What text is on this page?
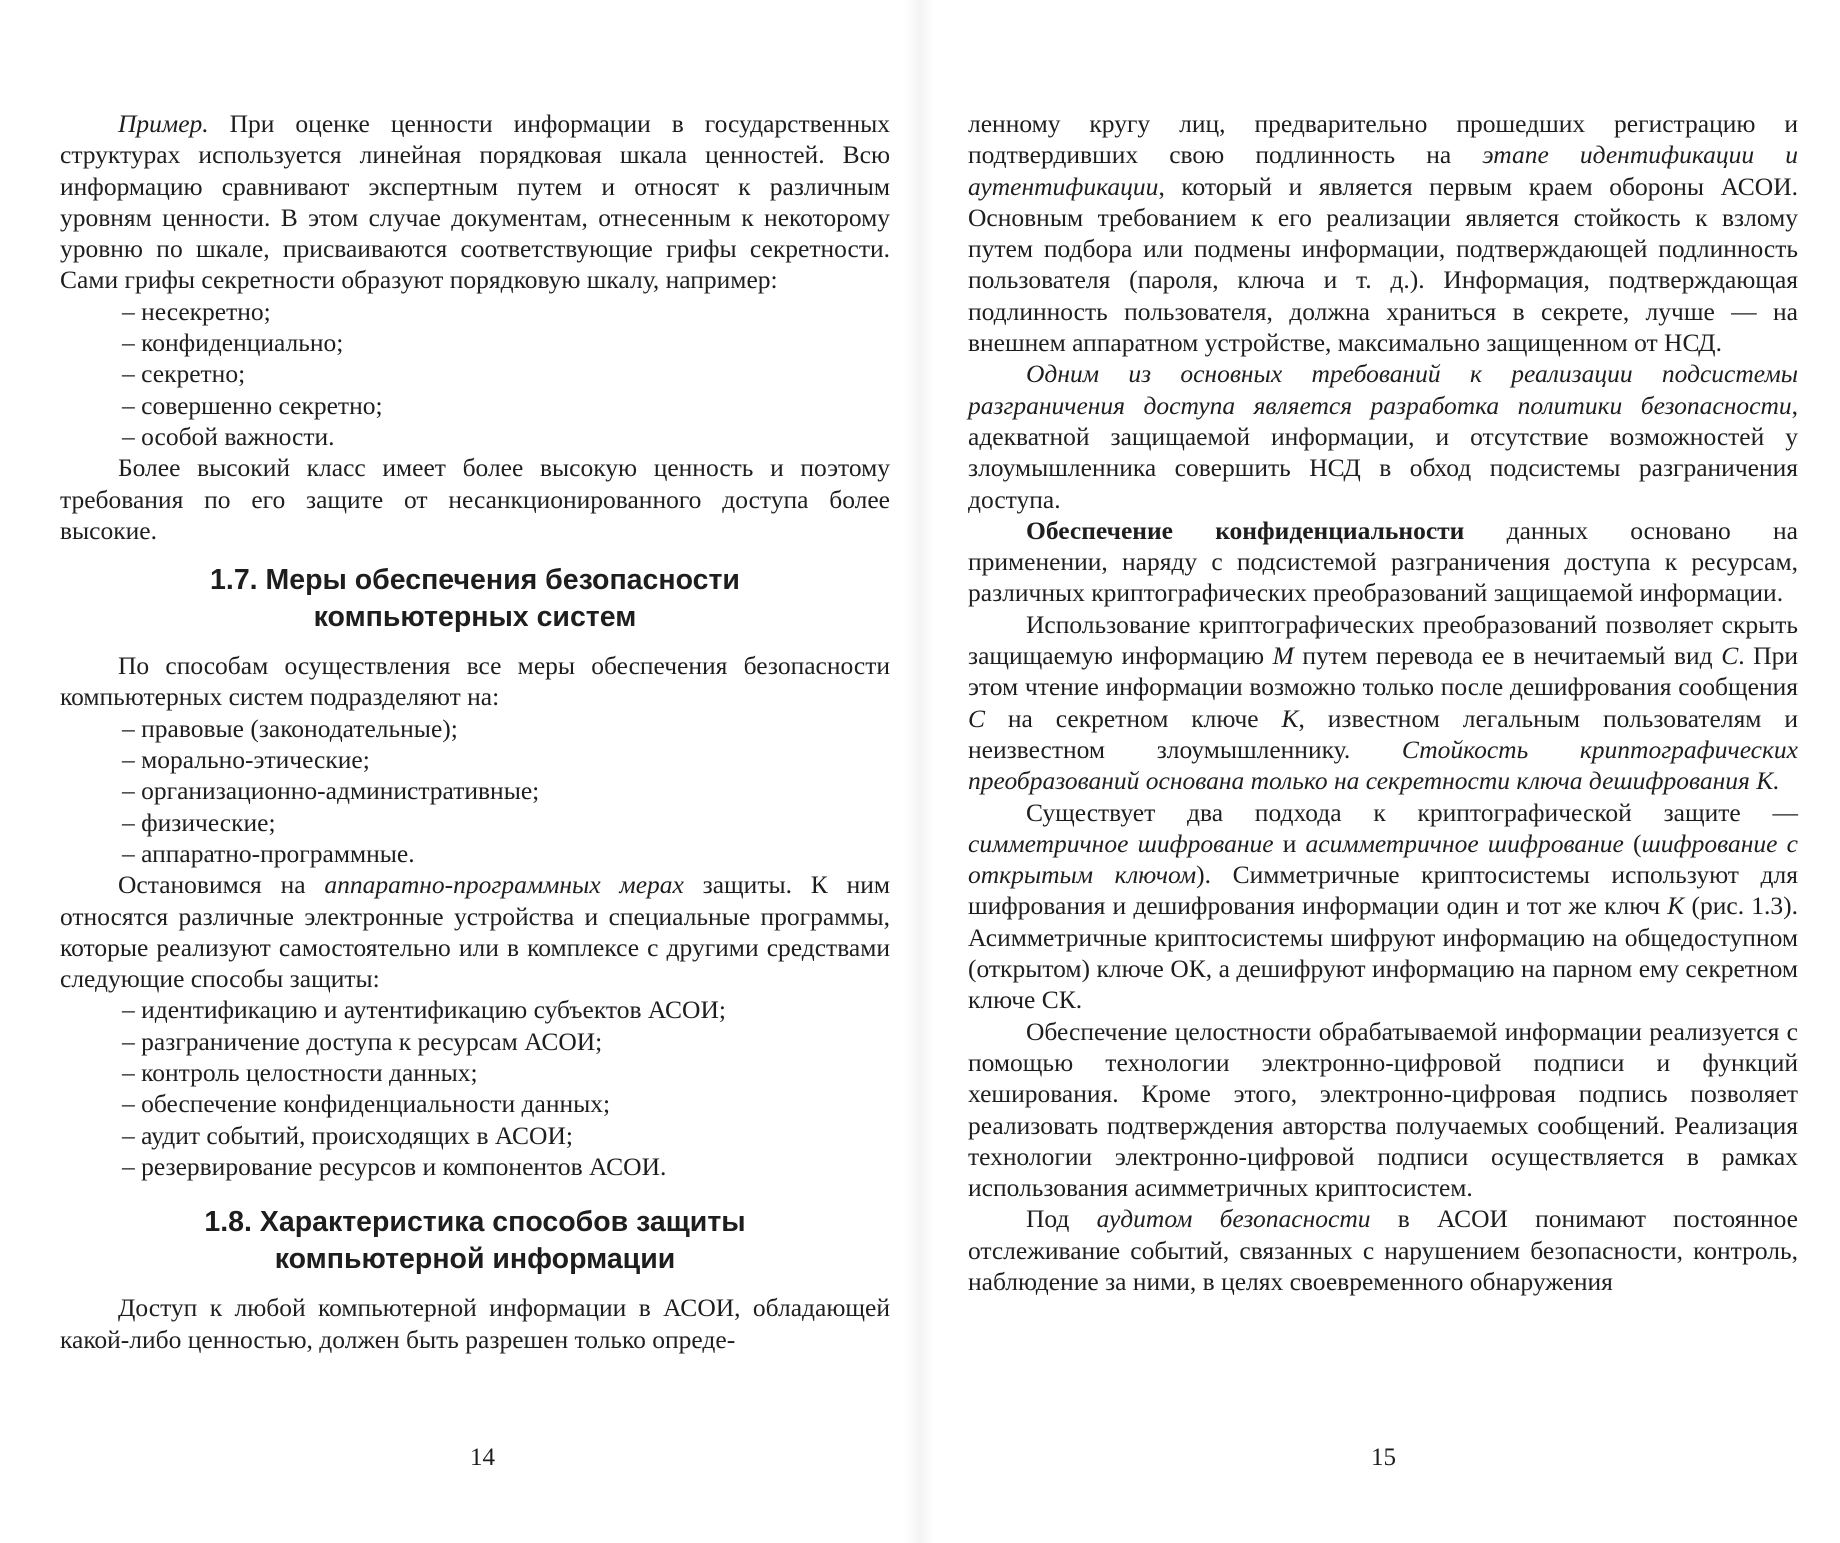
Пример. При оценке ценности информации в государственных структурах используется линейная порядковая шкала ценностей. Всю информацию сравнивают экспертным путем и относят к различным уровням ценности. В этом случае документам, отнесенным к некоторому уровню по шкале, присваиваются соответствующие грифы секретности. Сами грифы секретности образуют порядковую шкалу, например:

– несекретно;

– конфиденциально;

– секретно;

– совершенно секретно;

– особой важности.

Более высокий класс имеет более высокую ценность и поэтому требования по его защите от несанкционированного доступа более высокие.

1.7. Меры обеспечения безопасности
компьютерных систем

По способам осуществления все меры обеспечения безопасности компьютерных систем подразделяют на:

– правовые (законодательные);

– морально-этические;

– организационно-административные;

– физические;

– аппаратно-программные.

Остановимся на аппаратно-программных мерах защиты. К ним относятся различные электронные устройства и специальные программы, которые реализуют самостоятельно или в комплексе с другими средствами следующие способы защиты:

– идентификацию и аутентификацию субъектов АСОИ;

– разграничение доступа к ресурсам АСОИ;

– контроль целостности данных;

– обеспечение конфиденциальности данных;

– аудит событий, происходящих в АСОИ;

– резервирование ресурсов и компонентов АСОИ.

1.8. Характеристика способов защиты
компьютерной информации

Доступ к любой компьютерной информации в АСОИ, обладающей какой-либо ценностью, должен быть разрешен только опреде-

14

ленному кругу лиц, предварительно прошедших регистрацию и подтвердивших свою подлинность на этапе идентификации и аутентификации, который и является первым краем обороны АСОИ. Основным требованием к его реализации является стойкость к взлому путем подбора или подмены информации, подтверждающей подлинность пользователя (пароля, ключа и т. д.). Информация, подтверждающая подлинность пользователя, должна храниться в секрете, лучше — на внешнем аппаратном устройстве, максимально защищенном от НСД.

Одним из основных требований к реализации подсистемы разграничения доступа является разработка политики безопасности, адекватной защищаемой информации, и отсутствие возможностей у злоумышленника совершить НСД в обход подсистемы разграничения доступа.

Обеспечение конфиденциальности данных основано на применении, наряду с подсистемой разграничения доступа к ресурсам, различных криптографических преобразований защищаемой информации.

Использование криптографических преобразований позволяет скрыть защищаемую информацию M путем перевода ее в нечитаемый вид C. При этом чтение информации возможно только после дешифрования сообщения C на секретном ключе K, известном легальным пользователям и неизвестном злоумышленнику. Стойкость криптографических преобразований основана только на секретности ключа дешифрования K.

Существует два подхода к криптографической защите — симметричное шифрование и асимметричное шифрование (шифрование с открытым ключом). Симметричные криптосистемы используют для шифрования и дешифрования информации один и тот же ключ K (рис. 1.3). Асимметричные криптосистемы шифруют информацию на общедоступном (открытом) ключе ОК, а дешифруют информацию на парном ему секретном ключе СК.

Обеспечение целостности обрабатываемой информации реализуется с помощью технологии электронно-цифровой подписи и функций хеширования. Кроме этого, электронно-цифровая подпись позволяет реализовать подтверждения авторства получаемых сообщений. Реализация технологии электронно-цифровой подписи осуществляется в рамках использования асимметричных криптосистем.

Под аудитом безопасности в АСОИ понимают постоянное отслеживание событий, связанных с нарушением безопасности, контроль, наблюдение за ними, в целях своевременного обнаружения

15
